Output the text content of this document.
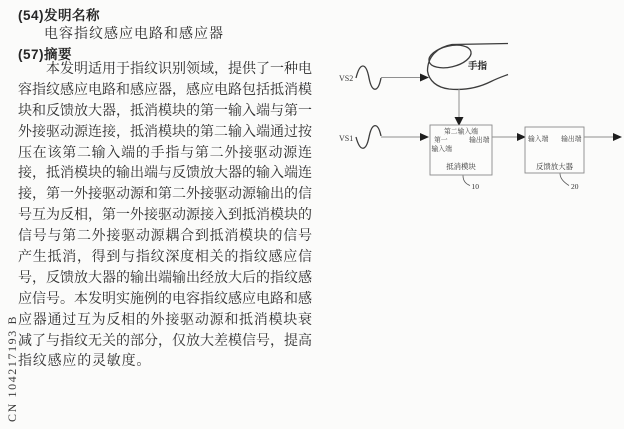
CN 104217193 B
(54)发明名称
电容指纹感应电路和感应器
(57)摘要
本发明适用于指纹识别领域，提供了一种电
容指纹感应电路和感应器，感应电路包括抵消模
块和反馈放大器，抵消模块的第一输入端与第一
外接驱动源连接，抵消模块的第二输入端通过按
压在该第二输入端的手指与第二外接驱动源连
接，抵消模块的输出端与反馈放大器的输入端连
接，第一外接驱动源和第二外接驱动源输出的信
号互为反相，第一外接驱动源接入到抵消模块的
信号与第二外接驱动源耦合到抵消模块的信号
产生抵消，得到与指纹深度相关的指纹感应信
号，反馈放大器的输出端输出经放大后的指纹感
应信号。本发明实施例的电容指纹感应电路和感
应器通过互为反相的外接驱动源和抵消模块衰
减了与指纹无关的部分，仅放大差模信号，提高
指纹感应的灵敏度。
VS2
手指
VS1
第二输入端
第一	输出端
输入端
抵消模块
10
输入端 输出端
反馈放大器
20
